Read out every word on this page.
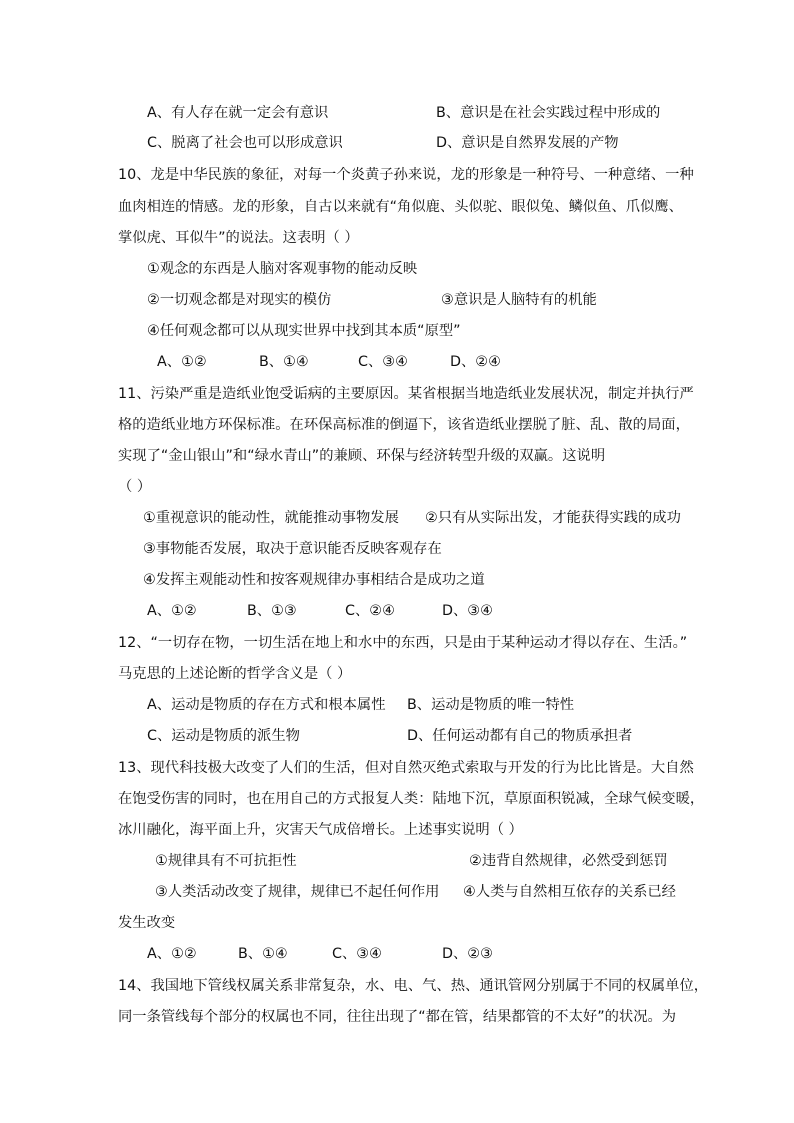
A、有人存在就一定会有意识	B、意识是在社会实践过程中形成的
C、脱离了社会也可以形成意识	D、意识是自然界发展的产物
10、龙是中华民族的象征，对每一个炎黄子孙来说，龙的形象是一种符号、一种意绪、一种
血肉相连的情感。龙的形象，自古以来就有“角似鹿、头似驼、眼似兔、鳞似鱼、爪似鹰、
掌似虎、耳似牛”的说法。这表明（ ）
①观念的东西是人脑对客观事物的能动反映
②一切观念都是对现实的模仿	③意识是人脑特有的机能
④任何观念都可以从现实世界中找到其本质“原型”
A、①②	B、①④	C、③④	D、②④
11、污染严重是造纸业饱受诟病的主要原因。某省根据当地造纸业发展状况，制定并执行严
格的造纸业地方环保标准。在环保高标准的倒逼下，该省造纸业摆脱了脏、乱、散的局面，
实现了“金山银山”和“绿水青山”的兼顾、环保与经济转型升级的双赢。这说明
（ ）
①重视意识的能动性，就能推动事物发展 ②只有从实际出发，才能获得实践的成功
③事物能否发展，取决于意识能否反映客观存在
④发挥主观能动性和按客观规律办事相结合是成功之道
A、①②	B、①③	C、②④	D、③④
12、“一切存在物，一切生活在地上和水中的东西，只是由于某种运动才得以存在、生活。”
马克思的上述论断的哲学含义是（ ）
A、运动是物质的存在方式和根本属性 B、运动是物质的唯一特性
C、运动是物质的派生物	D、任何运动都有自己的物质承担者
13、现代科技极大改变了人们的生活，但对自然灭绝式索取与开发的行为比比皆是。大自然
在饱受伤害的同时，也在用自己的方式报复人类：陆地下沉，草原面积锐减，全球气候变暖，
冰川融化，海平面上升，灾害天气成倍增长。上述事实说明（ ）
①规律具有不可抗拒性	②违背自然规律，必然受到惩罚
③人类活动改变了规律，规律已不起任何作用 ④人类与自然相互依存的关系已经
发生改变
A、①②	B、①④	C、③④	D、②③
14、我国地下管线权属关系非常复杂，水、电、气、热、通讯管网分别属于不同的权属单位，
同一条管线每个部分的权属也不同，往往出现了“都在管，结果都管的不太好”的状况。为
